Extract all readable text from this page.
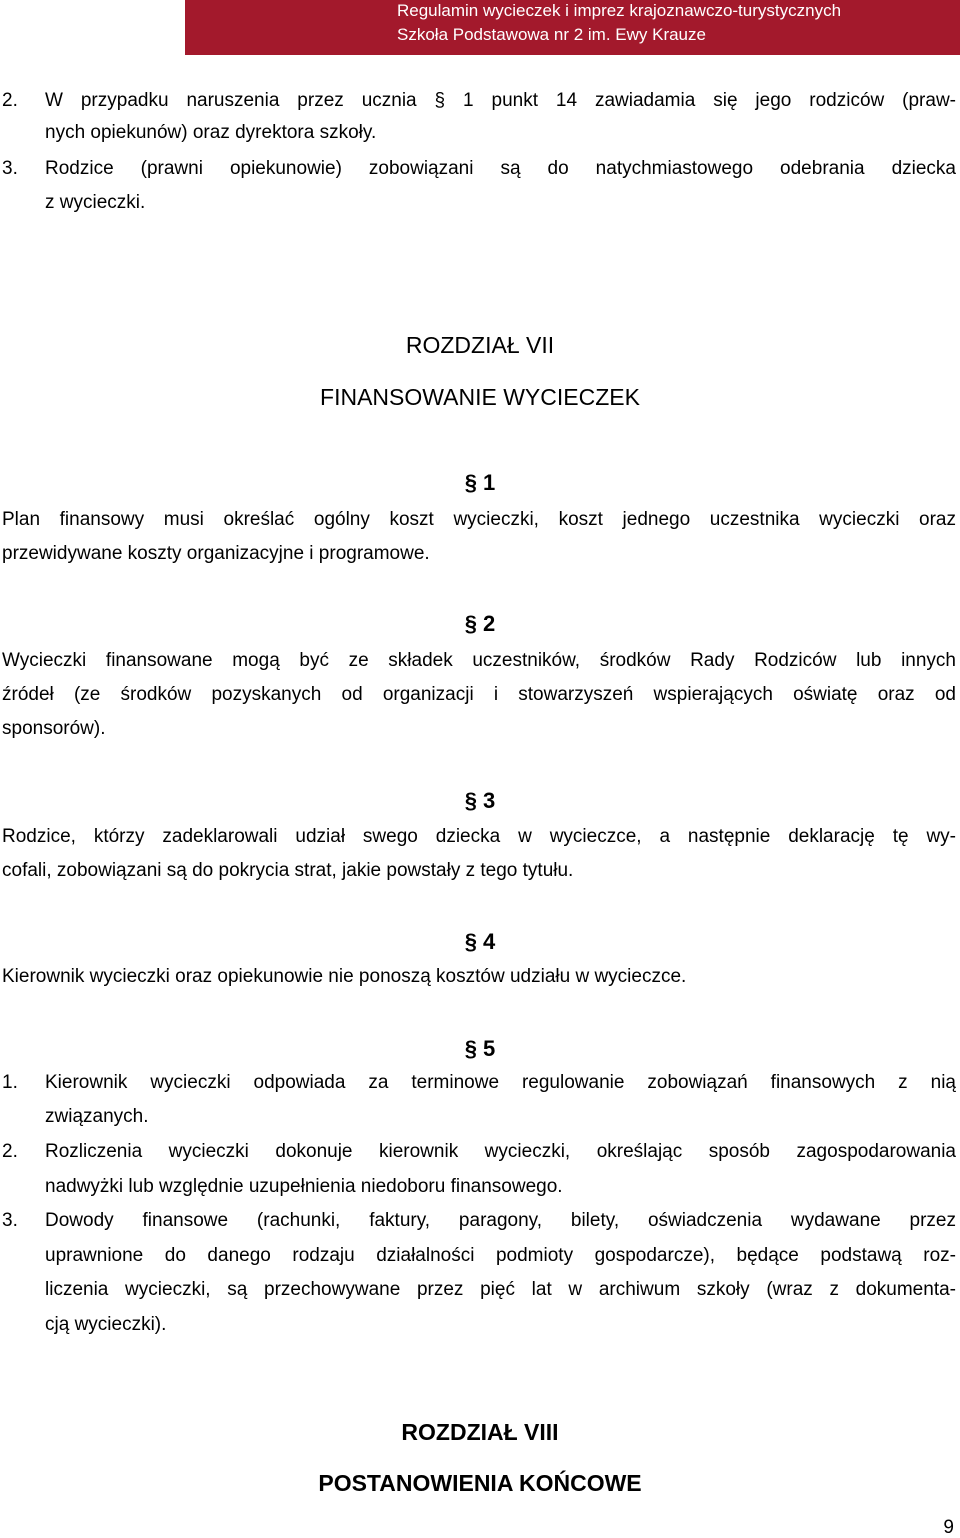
Regulamin wycieczek i imprez krajoznawczo-turystycznych
Szkoła Podstawowa nr 2 im. Ewy Krauze
2. W przypadku naruszenia przez ucznia § 1 punkt 14 zawiadamia się jego rodziców (praw-
nych opiekunów) oraz dyrektora szkoły.
3. Rodzice (prawni opiekunowie) zobowiązani są do natychmiastowego odebrania dziecka
z wycieczki.
ROZDZIAŁ VII
FINANSOWANIE WYCIECZEK
§ 1
Plan finansowy musi określać ogólny koszt wycieczki, koszt jednego uczestnika wycieczki oraz
przewidywane koszty organizacyjne i programowe.
§ 2
Wycieczki finansowane mogą być ze składek uczestników, środków Rady Rodziców lub innych
źródeł (ze środków pozyskanych od organizacji i stowarzyszeń wspierających oświatę oraz od
sponsorów).
§ 3
Rodzice, którzy zadeklarowali udział swego dziecka w wycieczce, a następnie deklarację tę wy-
cofali, zobowiązani są do pokrycia strat, jakie powstały z tego tytułu.
§ 4
Kierownik wycieczki oraz opiekunowie nie ponoszą kosztów udziału w wycieczce.
§ 5
1. Kierownik wycieczki odpowiada za terminowe regulowanie zobowiązań finansowych z nią
związanych.
2. Rozliczenia wycieczki dokonuje kierownik wycieczki, określając sposób zagospodarowania
nadwyżki lub względnie uzupełnienia niedoboru finansowego.
3. Dowody finansowe (rachunki, faktury, paragony, bilety, oświadczenia wydawane przez
uprawnione do danego rodzaju działalności podmioty gospodarcze), będące podstawą roz-
liczenia wycieczki, są przechowywane przez pięć lat w archiwum szkoły (wraz z dokumenta-
cją wycieczki).
ROZDZIAŁ VIII
POSTANOWIENIA KOŃCOWE
9
